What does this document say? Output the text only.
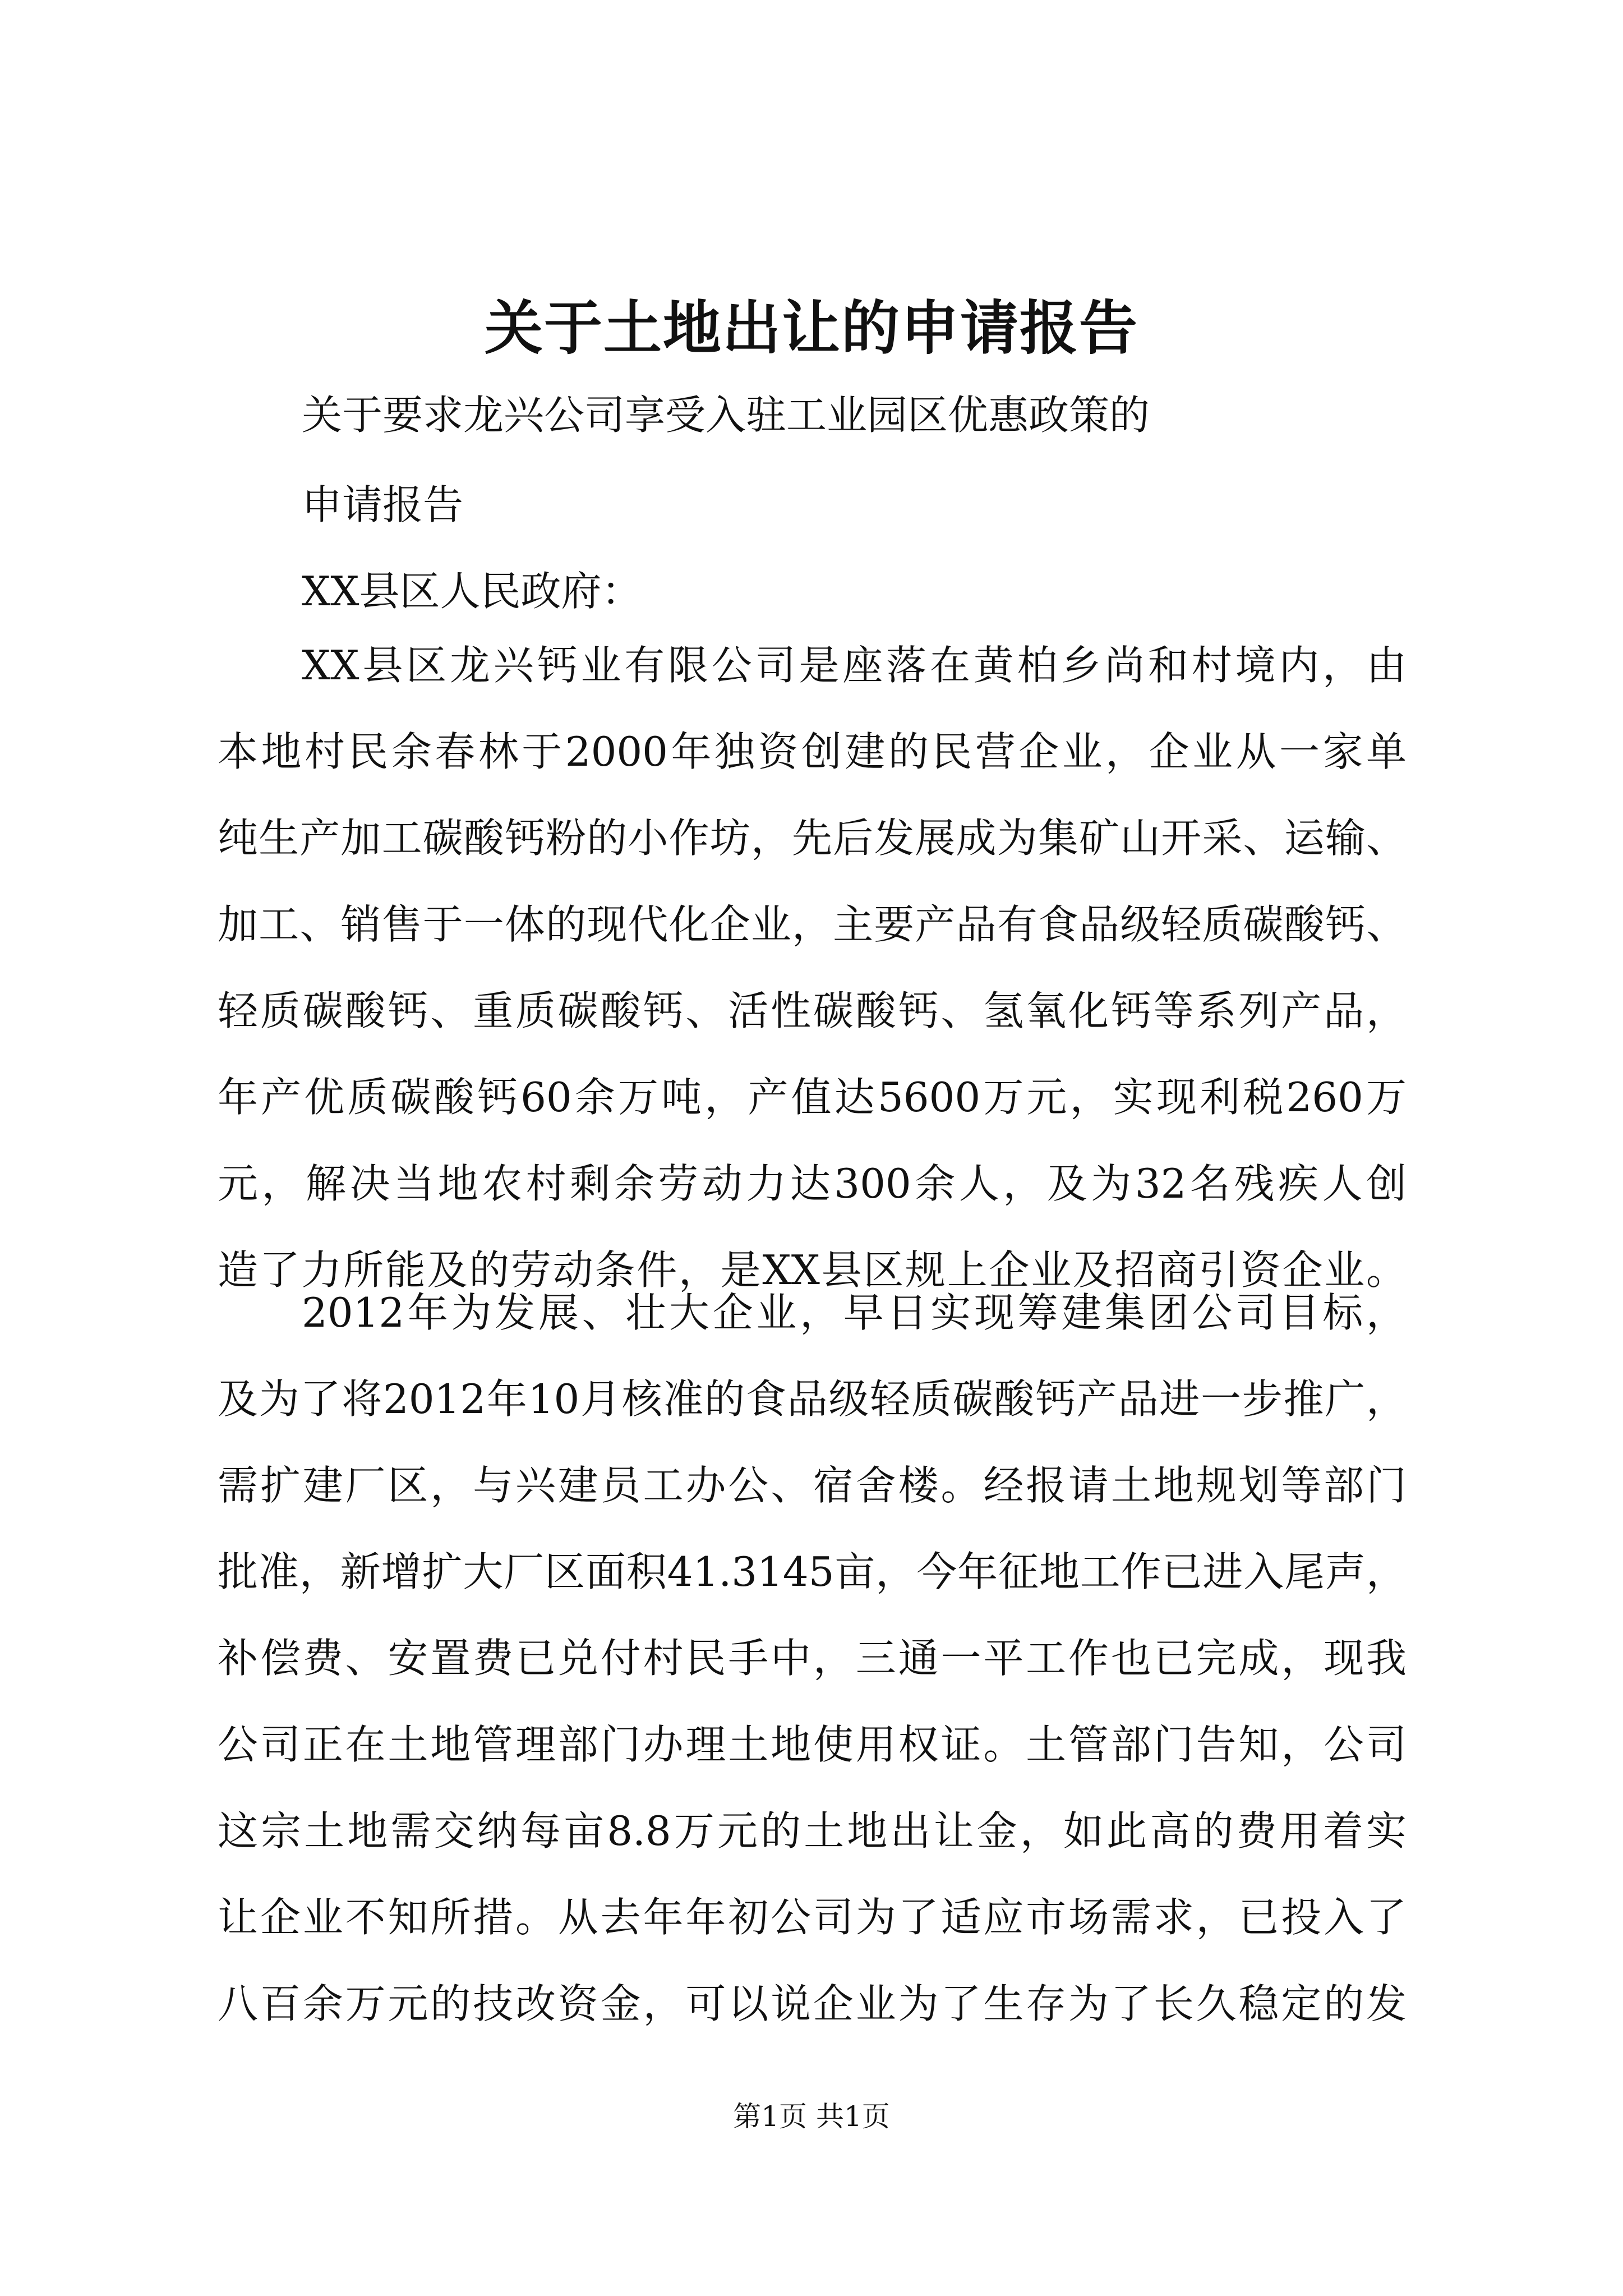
关于土地出让的申请报告
关于要求龙兴公司享受入驻工业园区优惠政策的
申请报告
XX县区人民政府：
XX县区龙兴钙业有限公司是座落在黄柏乡尚和村境内，由
本地村民余春林于2000年独资创建的民营企业，企业从一家单
纯生产加工碳酸钙粉的小作坊，先后发展成为集矿山开采、运输、
加工、销售于一体的现代化企业，主要产品有食品级轻质碳酸钙、
轻质碳酸钙、重质碳酸钙、活性碳酸钙、氢氧化钙等系列产品，
年产优质碳酸钙60余万吨，产值达5600万元，实现利税260万
元，解决当地农村剩余劳动力达300余人，及为32名残疾人创
造了力所能及的劳动条件，是XX县区规上企业及招商引资企业。
2012年为发展、壮大企业，早日实现筹建集团公司目标，
及为了将2012年10月核准的食品级轻质碳酸钙产品进一步推广，
需扩建厂区，与兴建员工办公、宿舍楼。经报请土地规划等部门
批准，新增扩大厂区面积41.3145亩，今年征地工作已进入尾声，
补偿费、安置费已兑付村民手中，三通一平工作也已完成，现我
公司正在土地管理部门办理土地使用权证。土管部门告知，公司
这宗土地需交纳每亩8.8万元的土地出让金，如此高的费用着实
让企业不知所措。从去年年初公司为了适应市场需求，已投入了
八百余万元的技改资金，可以说企业为了生存为了长久稳定的发
第1页 共1页
